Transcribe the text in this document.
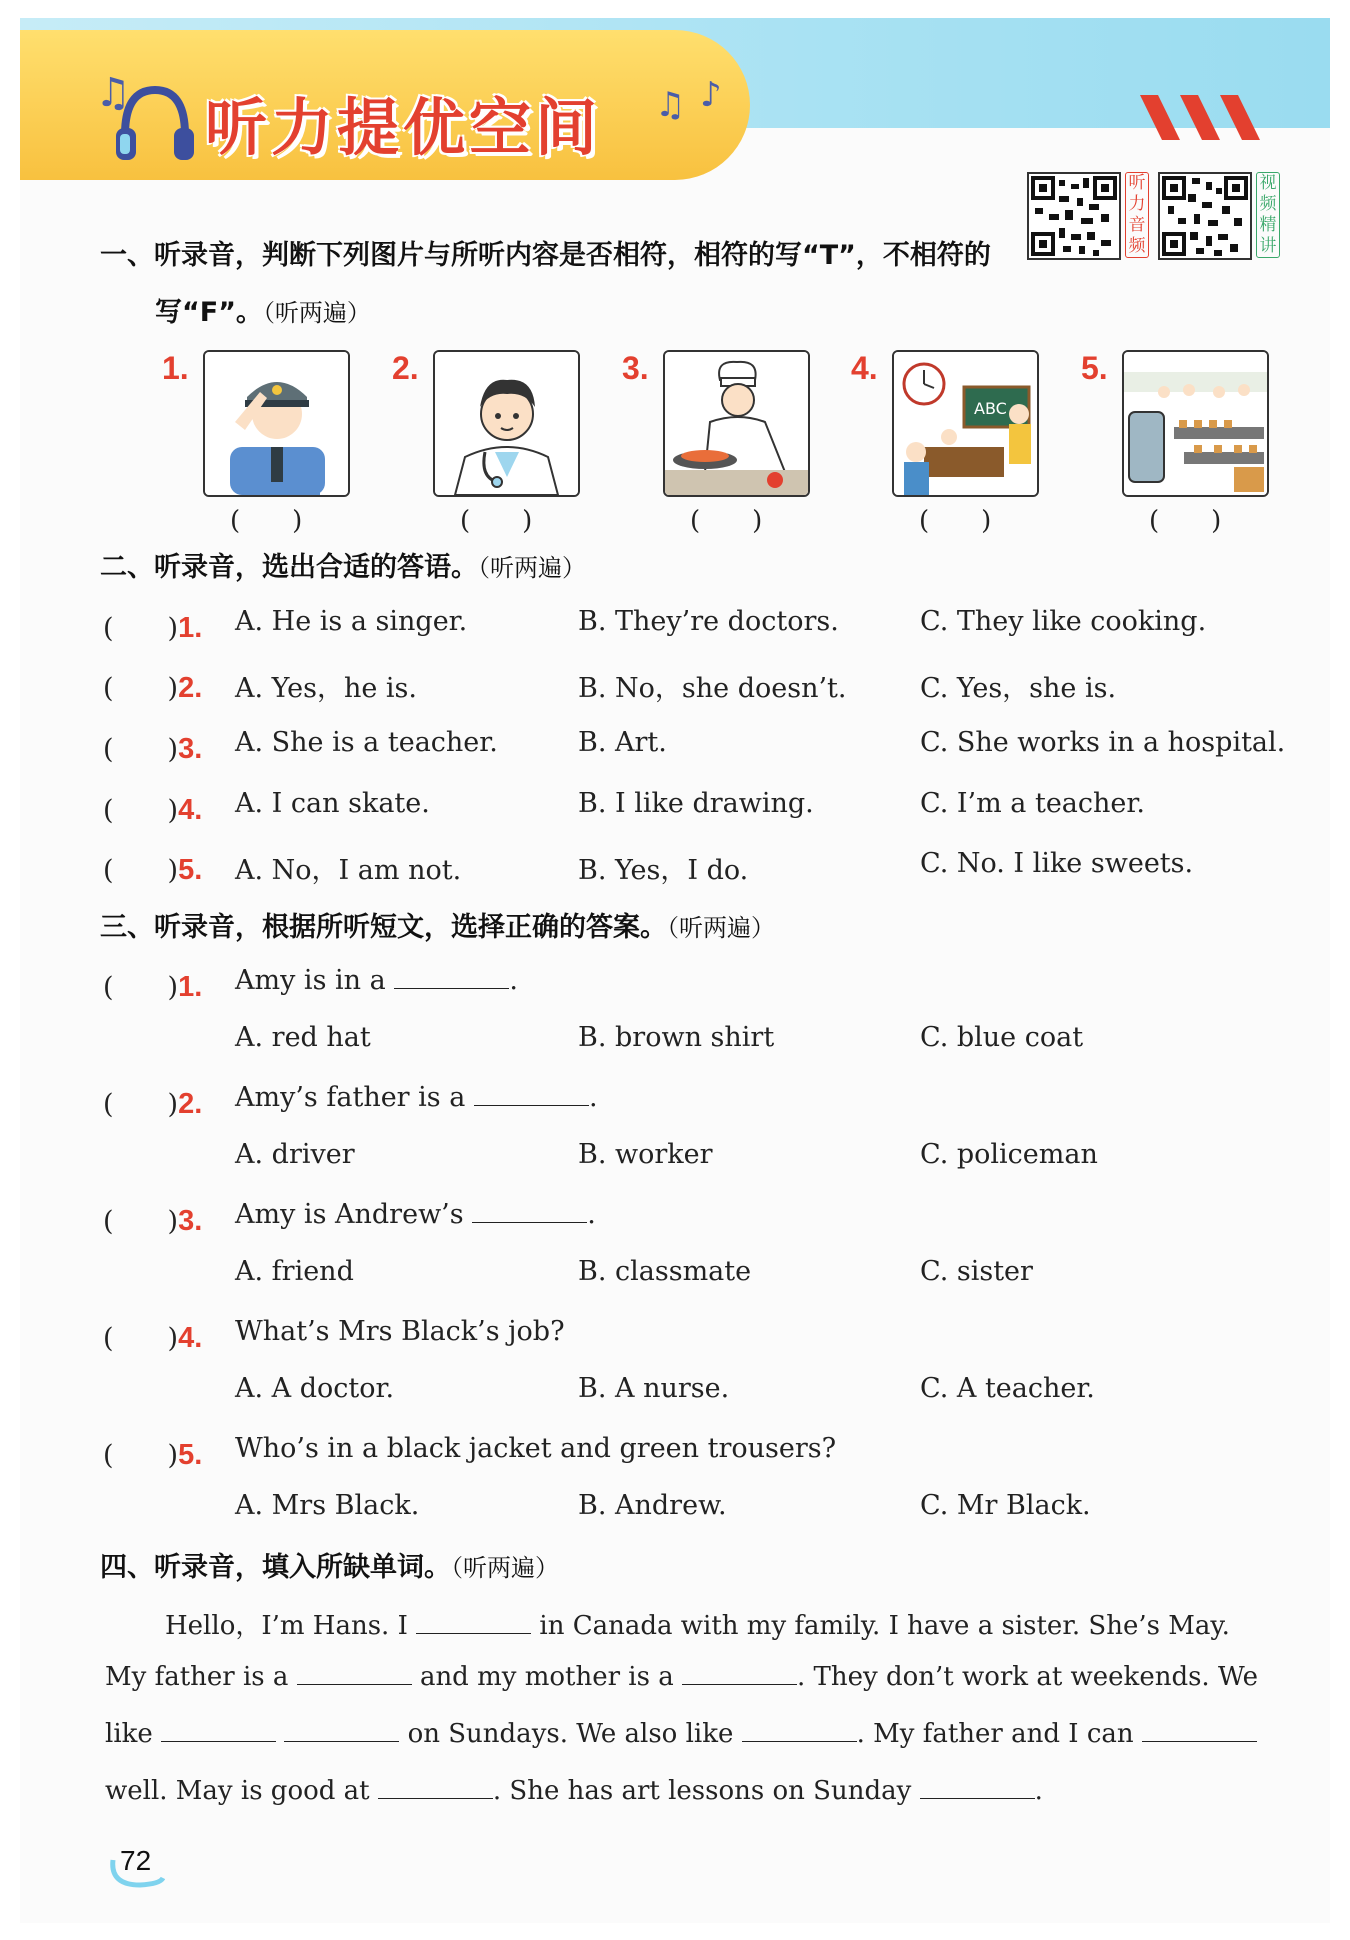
♫	♫ ♪
听力提优空间
听力音频
视频精讲
一、听录音，判断下列图片与所听内容是否相符，相符的写“T”，不相符的
写“F”。（听两遍）
1.	2.	3.	4.
ABC
5.
(　　)	(　　)	(　　)	(　　)	(　　)
二、听录音，选出合适的答语。（听两遍）
(　　)1. A. He is a singer.	B. They’re doctors.	C. They like cooking.
(　　)2. A. Yes，he is.	B. No，she doesn’t.	C. Yes，she is.
(　　)3. A. She is a teacher.	B. Art.	C. She works in a hospital.
(　　)4. A. I can skate.	B. I like drawing.	C. I’m a teacher.
(　　)5. A. No，I am not.	B. Yes，I do.	C. No. I like sweets.
三、听录音，根据所听短文，选择正确的答案。（听两遍）
(　　)1. Amy is in a	.
A. red hat	B. brown shirt	C. blue coat
(　　)2. Amy’s father is a	.
A. driver	B. worker	C. policeman
(　　)3. Amy is Andrew’s	.
A. friend	B. classmate	C. sister
(　　)4. What’s Mrs Black’s job?
A. A doctor.	B. A nurse.	C. A teacher.
(　　)5. Who’s in a black jacket and green trousers?
A. Mrs Black.	B. Andrew.	C. Mr Black.
四、听录音，填入所缺单词。（听两遍）
Hello，I’m Hans. I	in Canada with my family. I have a sister. She’s May.
My father is a	and my mother is a	. They don’t work at weekends. We
like	on Sundays. We also like	. My father and I can
well. May is good at	. She has art lessons on Sunday	.
72
